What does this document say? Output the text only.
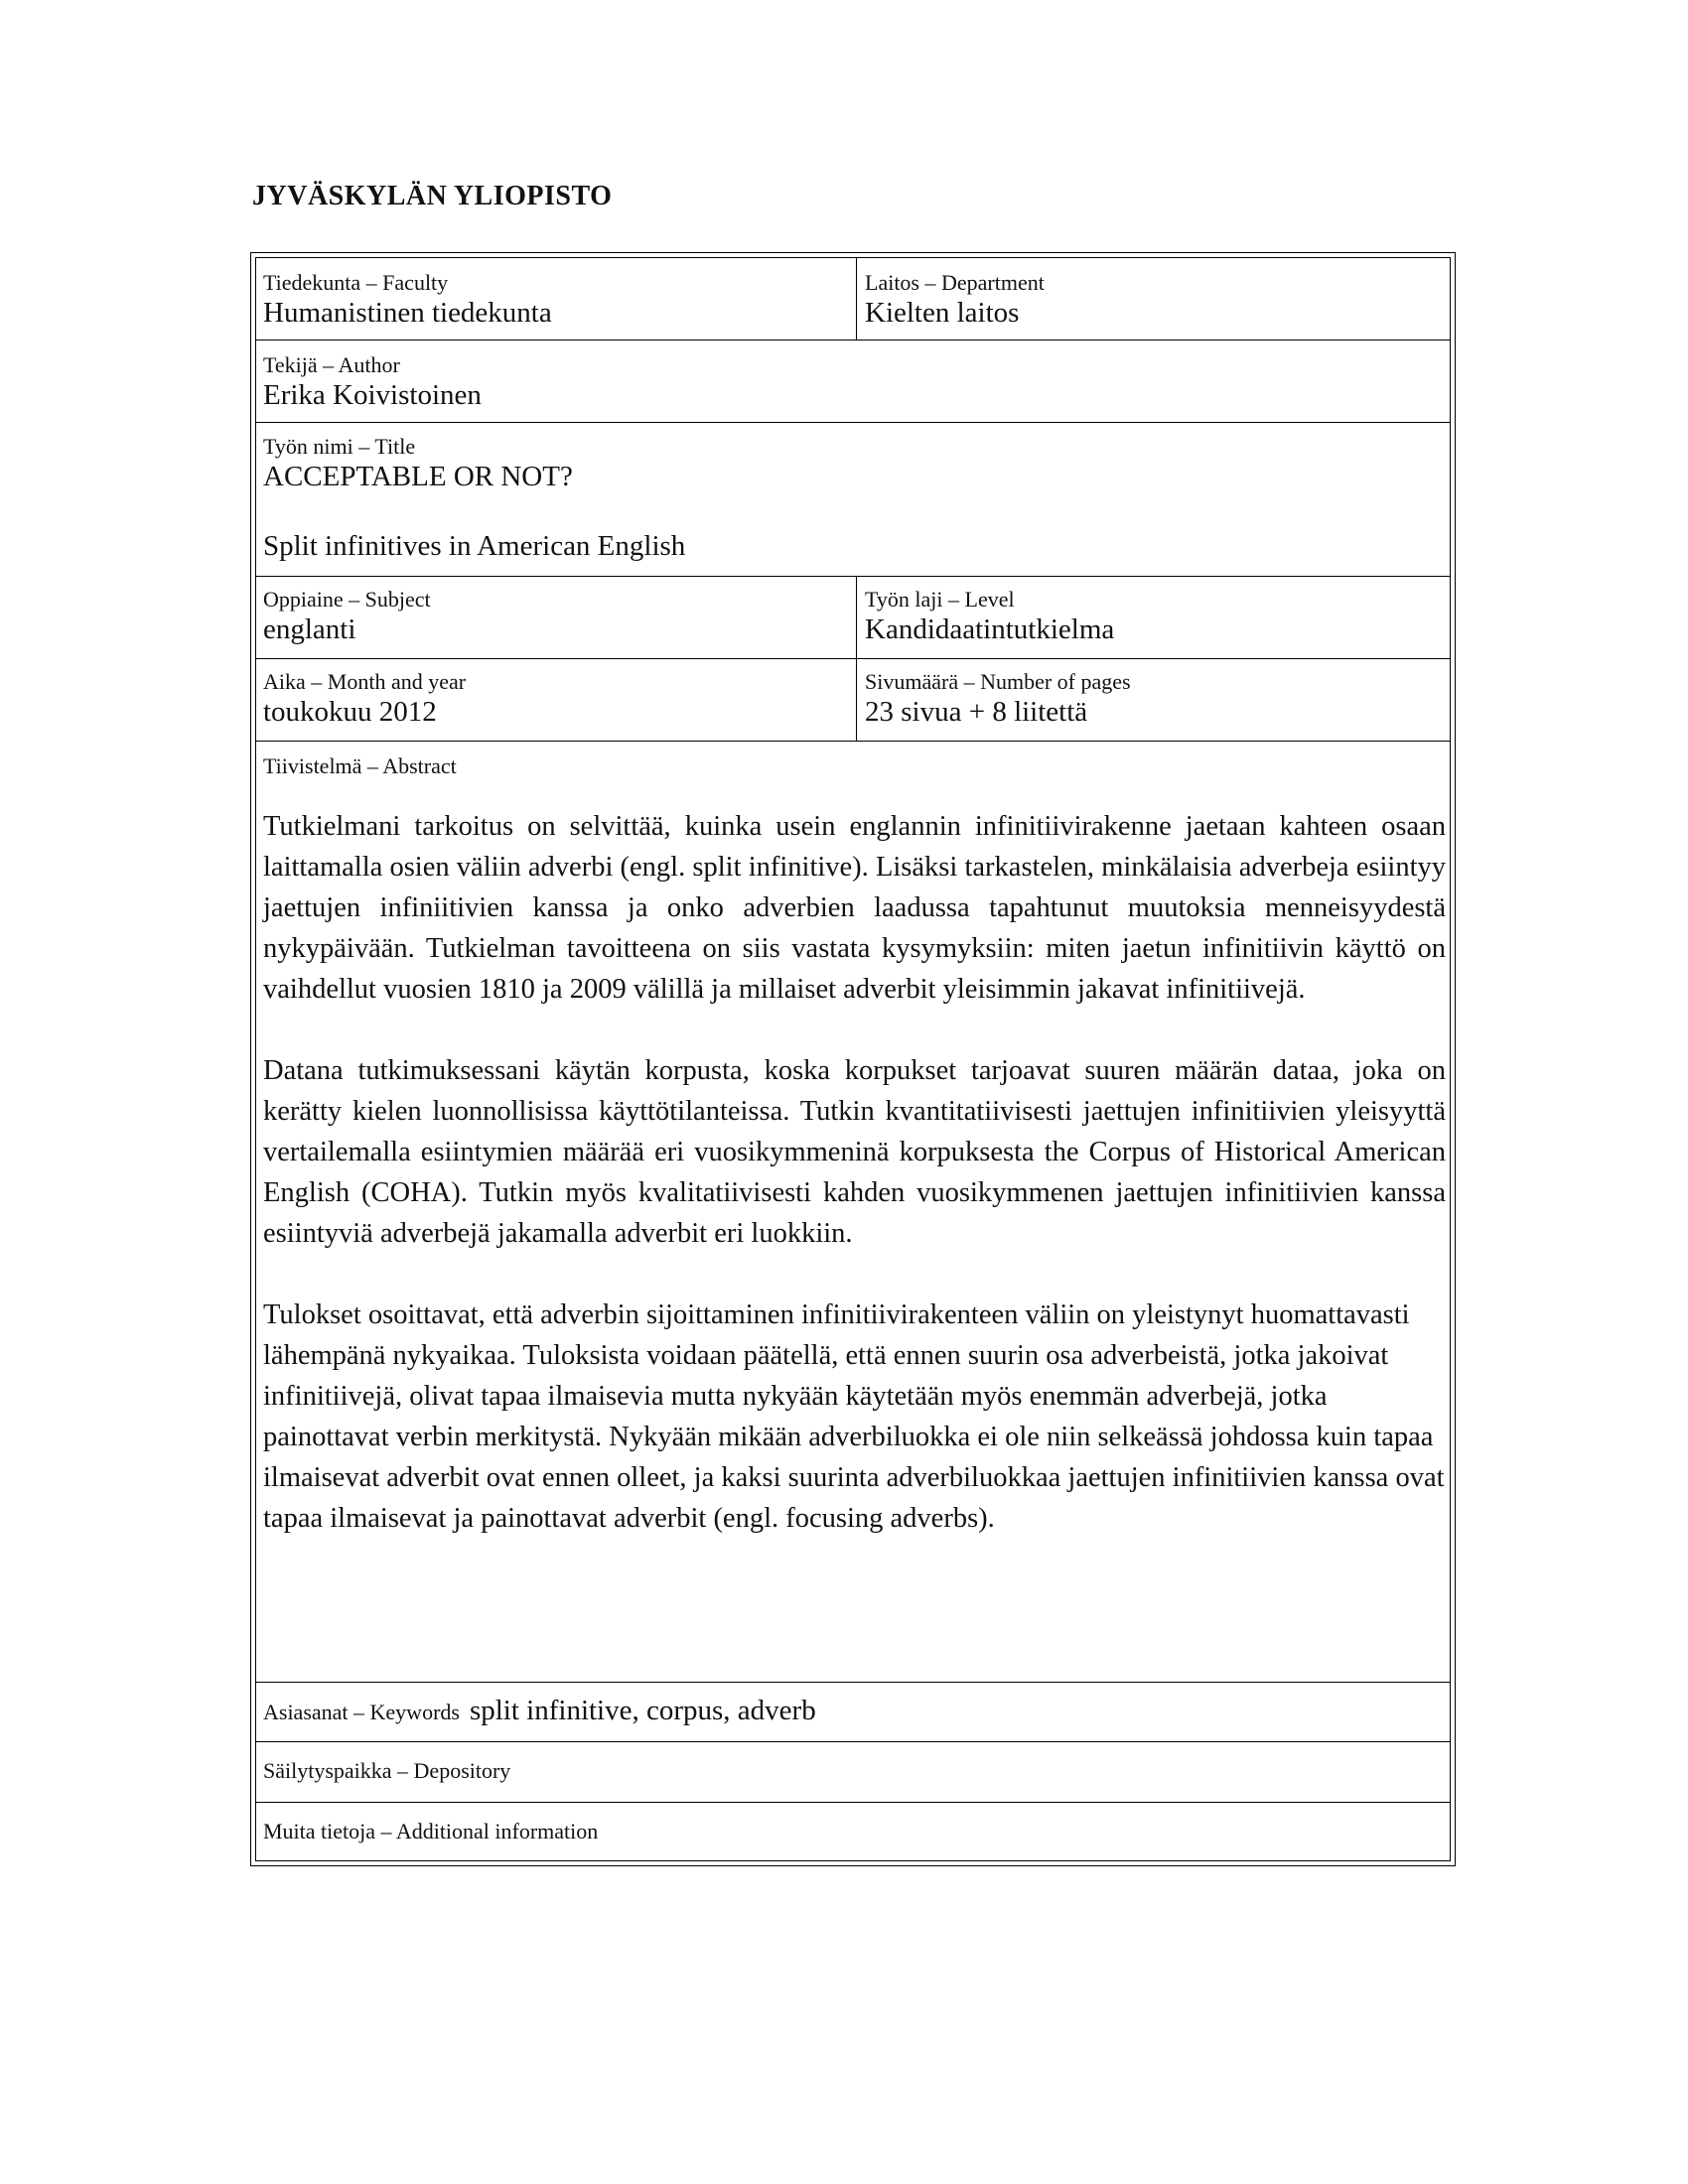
JYVÄSKYLÄN YLIOPISTO
Tiedekunta – Faculty
Humanistinen tiedekunta
Laitos – Department
Kielten laitos
Tekijä – Author
Erika Koivistoinen
Työn nimi – Title
ACCEPTABLE OR NOT?
Split infinitives in American English
Oppiaine – Subject
englanti
Työn laji – Level
Kandidaatintutkielma
Aika – Month and year
toukokuu 2012
Sivumäärä – Number of pages
23 sivua + 8 liitettä
Tiivistelmä – Abstract

Tutkielmani tarkoitus on selvittää, kuinka usein englannin infinitiivirakenne jaetaan kahteen osaan laittamalla osien väliin adverbi (engl. split infinitive). Lisäksi tarkastelen, minkälaisia adverbeja esiintyy jaettujen infiniitivien kanssa ja onko adverbien laadussa tapahtunut muutoksia menneisyydestä nykypäivään. Tutkielman tavoitteena on siis vastata kysymyksiin: miten jaetun infinitiivin käyttö on vaihdellut vuosien 1810 ja 2009 välillä ja millaiset adverbit yleisimmin jakavat infinitiivejä.

Datana tutkimuksessani käytän korpusta, koska korpukset tarjoavat suuren määrän dataa, joka on kerätty kielen luonnollisissa käyttötilanteissa. Tutkin kvantitatiivisesti jaettujen infinitiivien yleisyyttä vertailemalla esiintymien määrää eri vuosikymmeninä korpuksesta the Corpus of Historical American English (COHA). Tutkin myös kvalitatiivisesti kahden vuosikymmenen jaettujen infinitiivien kanssa esiintyviä adverbejä jakamalla adverbit eri luokkiin.

Tulokset osoittavat, että adverbin sijoittaminen infinitiivirakenteen väliin on yleistynyt huomattavasti lähempänä nykyaikaa. Tuloksista voidaan päätellä, että ennen suurin osa adverbeistä, jotka jakoivat infinitiivejä, olivat tapaa ilmaisevia mutta nykyään käytetään myös enemmän adverbejä, jotka painottavat verbin merkitystä. Nykyään mikään adverbiluokka ei ole niin selkeässä johdossa kuin tapaa ilmaisevat adverbit ovat ennen olleet, ja kaksi suurinta adverbiluokkaa jaettujen infinitiivien kanssa ovat tapaa ilmaisevat ja painottavat adverbit (engl. focusing adverbs).

Asiasanat – Keywords split infinitive, corpus, adverb
Säilytyspaikka – Depository
Muita tietoja – Additional information
